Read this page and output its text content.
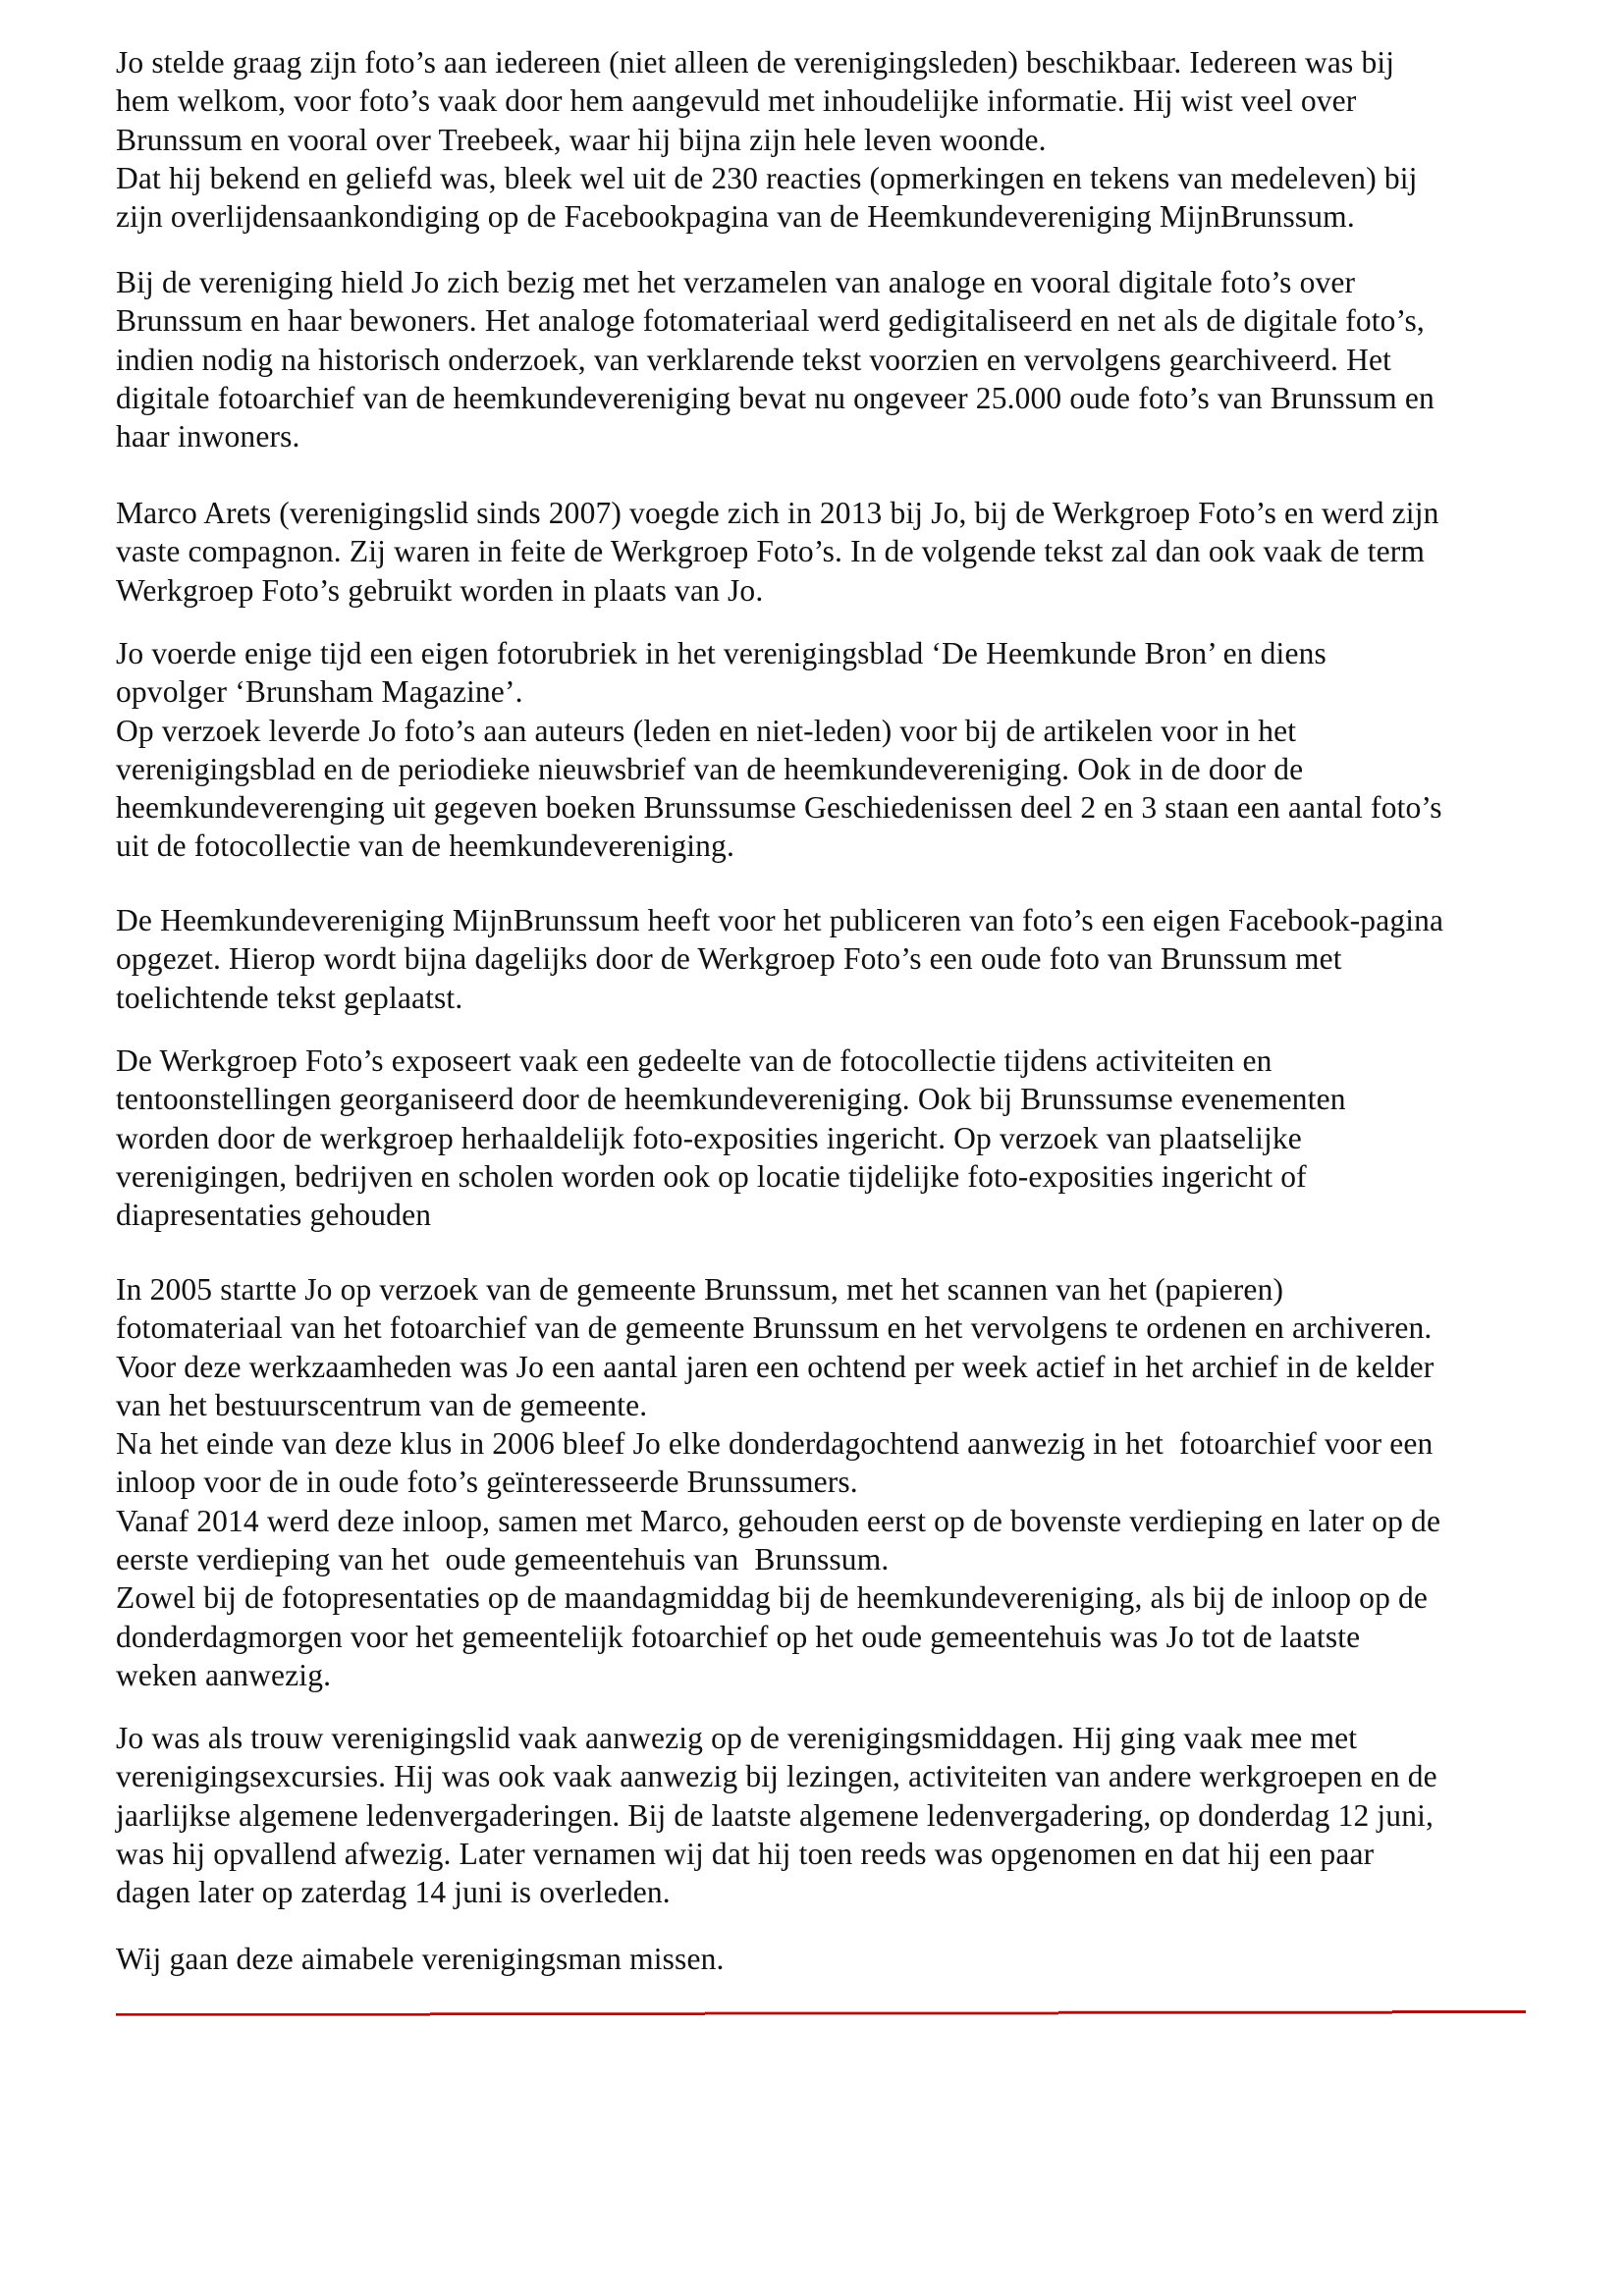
Jo stelde graag zijn foto’s aan iedereen (niet alleen de verenigingsleden) beschikbaar. Iedereen was bij
hem welkom, voor foto’s vaak door hem aangevuld met inhoudelijke informatie. Hij wist veel over
Brunssum en vooral over Treebeek, waar hij bijna zijn hele leven woonde.
Dat hij bekend en geliefd was, bleek wel uit de 230 reacties (opmerkingen en tekens van medeleven) bij
zijn overlijdensaankondiging op de Facebookpagina van de Heemkundevereniging MijnBrunssum.
Bij de vereniging hield Jo zich bezig met het verzamelen van analoge en vooral digitale foto’s over
Brunssum en haar bewoners. Het analoge fotomateriaal werd gedigitaliseerd en net als de digitale foto’s,
indien nodig na historisch onderzoek, van verklarende tekst voorzien en vervolgens gearchiveerd. Het
digitale fotoarchief van de heemkundevereniging bevat nu ongeveer 25.000 oude foto’s van Brunssum en
haar inwoners.
Marco Arets (verenigingslid sinds 2007) voegde zich in 2013 bij Jo, bij de Werkgroep Foto’s en werd zijn
vaste compagnon. Zij waren in feite de Werkgroep Foto’s. In de volgende tekst zal dan ook vaak de term
Werkgroep Foto’s gebruikt worden in plaats van Jo.
Jo voerde enige tijd een eigen fotorubriek in het verenigingsblad ‘De Heemkunde Bron’ en diens
opvolger ‘Brunsham Magazine’.
Op verzoek leverde Jo foto’s aan auteurs (leden en niet-leden) voor bij de artikelen voor in het
verenigingsblad en de periodieke nieuwsbrief van de heemkundevereniging. Ook in de door de
heemkundeverenging uit gegeven boeken Brunssumse Geschiedenissen deel 2 en 3 staan een aantal foto’s
uit de fotocollectie van de heemkundevereniging.
De Heemkundevereniging MijnBrunssum heeft voor het publiceren van foto’s een eigen Facebook-pagina
opgezet. Hierop wordt bijna dagelijks door de Werkgroep Foto’s een oude foto van Brunssum met
toelichtende tekst geplaatst.
De Werkgroep Foto’s exposeert vaak een gedeelte van de fotocollectie tijdens activiteiten en
tentoonstellingen georganiseerd door de heemkundevereniging. Ook bij Brunssumse evenementen
worden door de werkgroep herhaaldelijk foto-exposities ingericht. Op verzoek van plaatselijke
verenigingen, bedrijven en scholen worden ook op locatie tijdelijke foto-exposities ingericht of
diapresentaties gehouden
In 2005 startte Jo op verzoek van de gemeente Brunssum, met het scannen van het (papieren)
fotomateriaal van het fotoarchief van de gemeente Brunssum en het vervolgens te ordenen en archiveren.
Voor deze werkzaamheden was Jo een aantal jaren een ochtend per week actief in het archief in de kelder
van het bestuurscentrum van de gemeente.
Na het einde van deze klus in 2006 bleef Jo elke donderdagochtend aanwezig in het  fotoarchief voor een
inloop voor de in oude foto’s geïnteresseerde Brunssumers.
Vanaf 2014 werd deze inloop, samen met Marco, gehouden eerst op de bovenste verdieping en later op de
eerste verdieping van het  oude gemeentehuis van  Brunssum.
Zowel bij de fotopresentaties op de maandagmiddag bij de heemkundevereniging, als bij de inloop op de
donderdagmorgen voor het gemeentelijk fotoarchief op het oude gemeentehuis was Jo tot de laatste
weken aanwezig.
Jo was als trouw verenigingslid vaak aanwezig op de verenigingsmiddagen. Hij ging vaak mee met
verenigingsexcursies. Hij was ook vaak aanwezig bij lezingen, activiteiten van andere werkgroepen en de
jaarlijkse algemene ledenvergaderingen. Bij de laatste algemene ledenvergadering, op donderdag 12 juni,
was hij opvallend afwezig. Later vernamen wij dat hij toen reeds was opgenomen en dat hij een paar
dagen later op zaterdag 14 juni is overleden.
Wij gaan deze aimabele verenigingsman missen.
